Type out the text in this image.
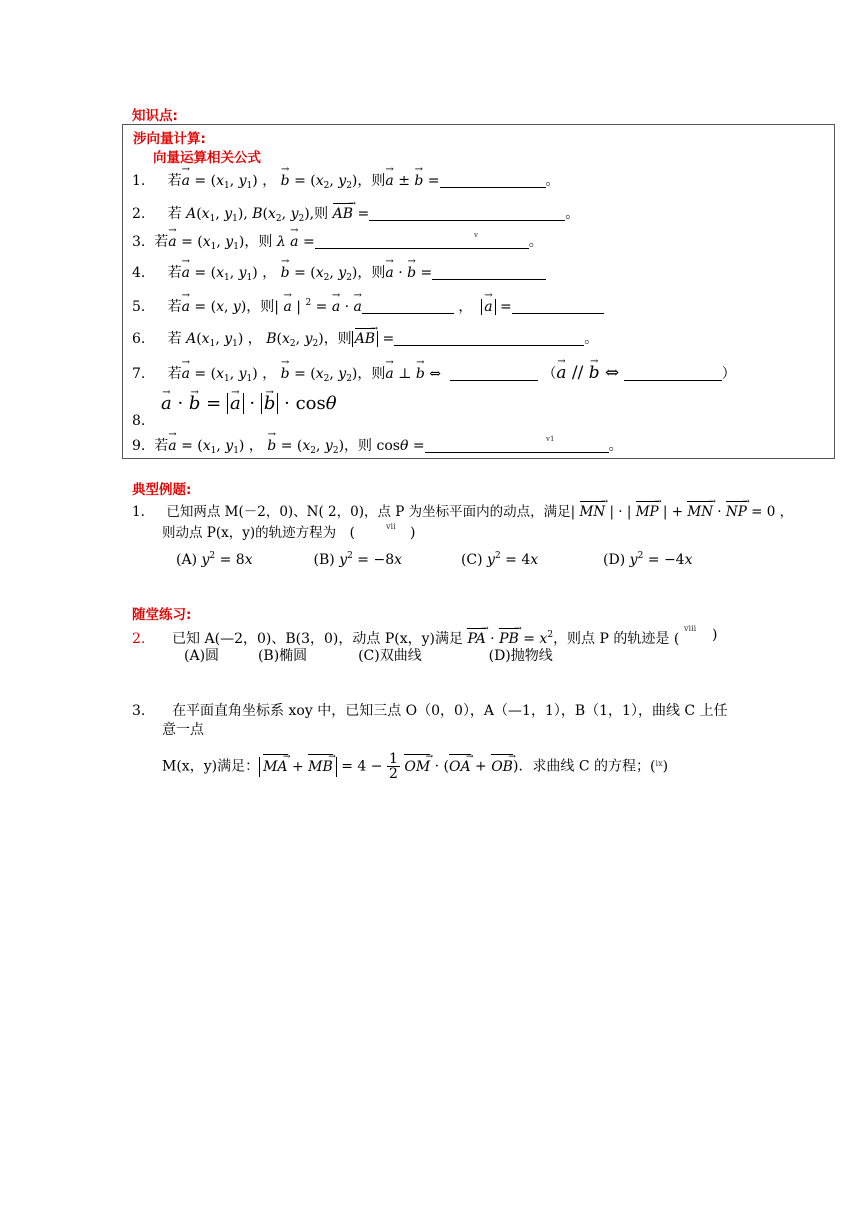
知识点:
涉向量计算:
向量运算相关公式
1. 若→ $a = (x_1$, $y_1$) ， → $b = (x_2$, $y_2$)，则→ a ± → b =	。
2. 若 $A(x_1$, $y_1$), $B(x_2$, $y_2$),则 AB → =	。
3. 若→ $a = (x_1$, $y_1$)，则 λ → a =	。
v
4. 若→ $a = (x_1$, $y_1$) ， → $b = (x_2$, $y_2$)，则→ a · → b =
5. 若→ a = (x, y)，则| → a | $^2$ = → a · → a	，  → a =
6. 若 $A(x_1$, $y_1$) ， $B(x_2$, $y_2$)，则 AB → =	。
7. 若→ $a = (x_1$, $y_1$) ， → $b = (x_2$, $y_2$)，则→ a ⊥ → b ⇔	（→ a // → b ⇔	）
→ a · → b = → a · → b · cosθ
8.
9. 若→ $a = (x_1$, $y_1$) ， → $b = (x_2$, $y_2$)，则 cosθ =	。
v1
典型例题:
1. 已知两点 M(－2，0)、N( 2，0)，点 P 为坐标平面内的动点，满足| MN → | · | MP → | + MN → · NP → = 0 ，
则动点 P(x，y)的轨迹方程为　(	vii )
(A) $y^2 = 8x$	(B) $y^2 = -8x$	(C) $y^2 = 4x$	(D) $y^2 = -4x$
随堂练习:
2. 已知 A(—2，0)、B(3，0)，动点 P(x，y)满足 PA → · PB → = $x^2$，则点 P 的轨迹是 (
viii )
(A)圆	(B)椭圆	(C)双曲线	(D)抛物线
3. 在平面直角坐标系 xoy 中，已知三点 O（0，0），A（—1，1），B（1，1），曲线 C 上任
意一点
M(x，y)满足： MA → + MB → = $4 - \frac{1}{2}$ OM → · (OA → + OB →)．求曲线 C 的方程；($^{ix}$)
